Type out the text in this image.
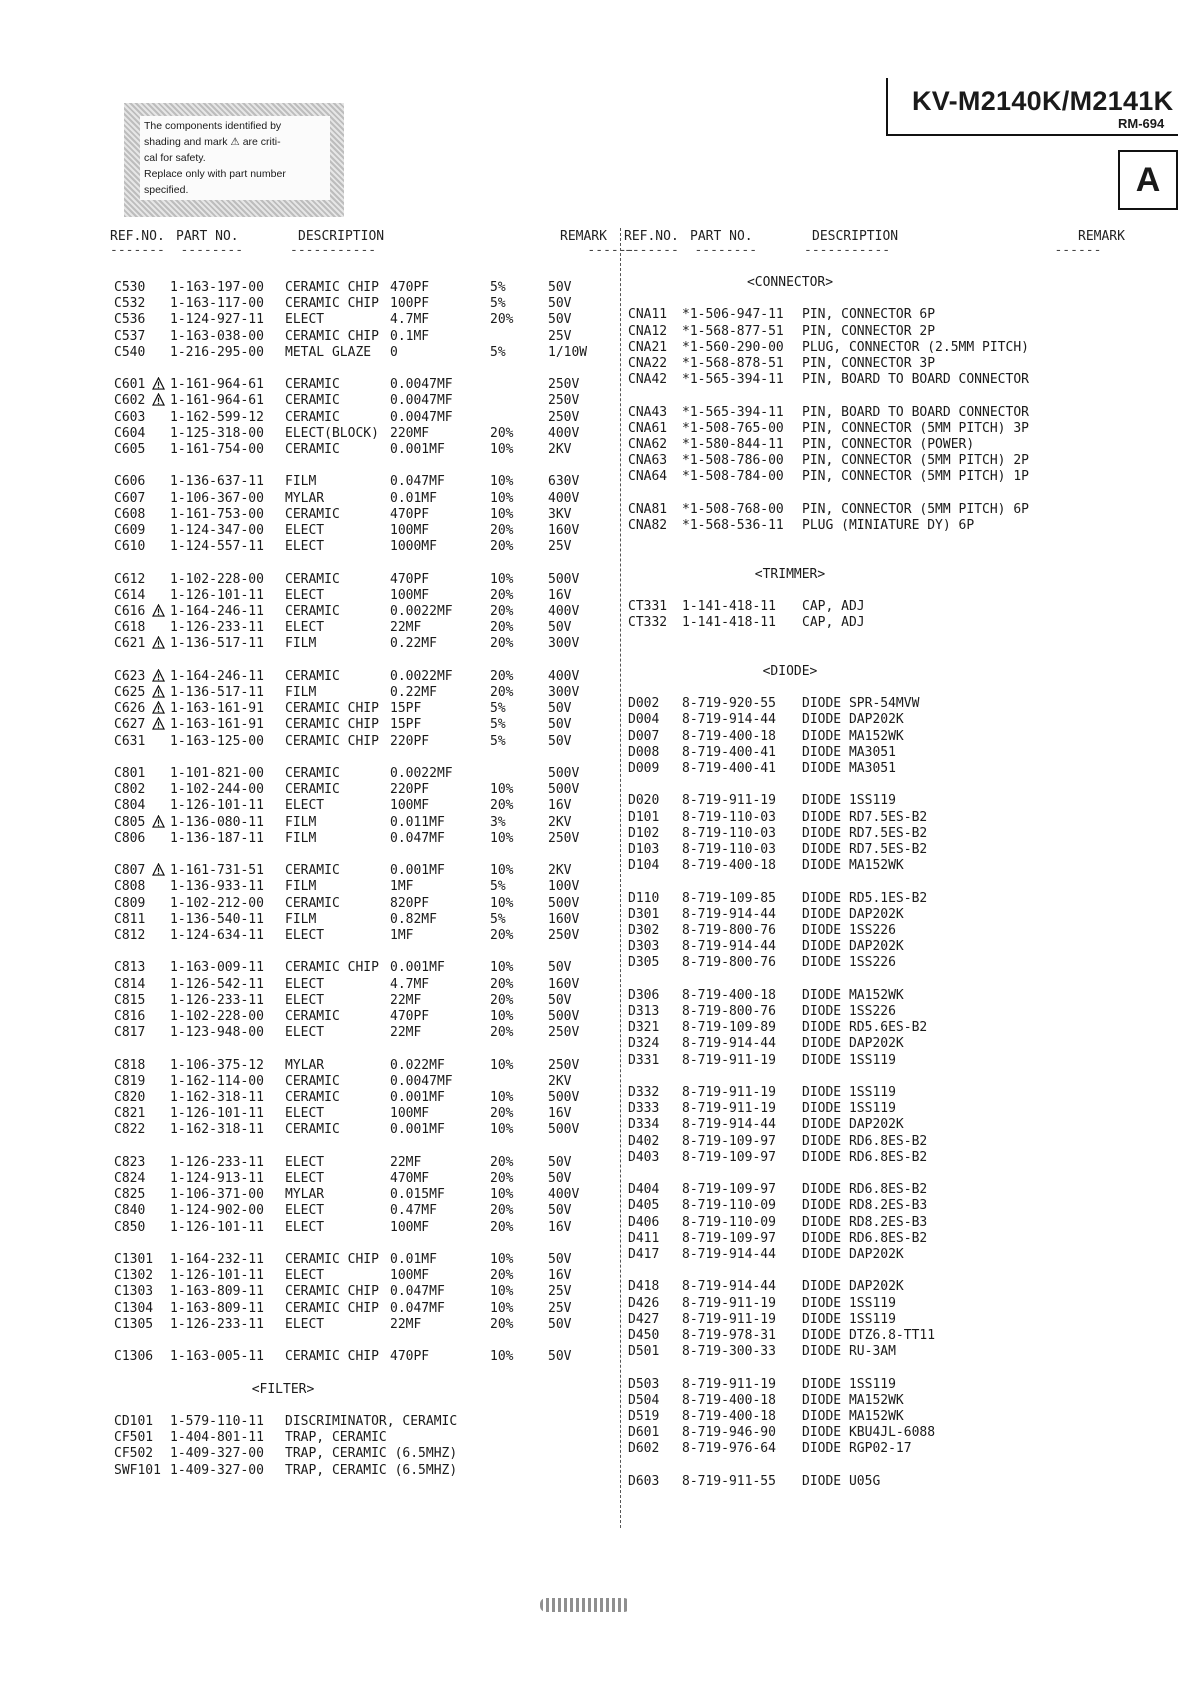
KV-M2140K/M2141K
RM-694
A
The components identified by
shading and mark ⚠ are criti-
cal for safety.
Replace only with part number
specified.
REF.NO. PART NO.	DESCRIPTION	REMARK
-------  --------      -----------                           ------
REF.NO. PART NO.	DESCRIPTION	REMARK
-------  --------      -----------                     ------
C530 1-163-197-00 CERAMIC CHIP 470PF	5%	50V
C532 1-163-117-00 CERAMIC CHIP 100PF	5%	50V
C536 1-124-927-11 ELECT	4.7MF	20%	50V
C537 1-163-038-00 CERAMIC CHIP 0.1MF	25V
C540 1-216-295-00 METAL GLAZE 0	5%	1/10W
C601 1-161-964-61 CERAMIC	0.0047MF	250V
C602 1-161-964-61 CERAMIC	0.0047MF	250V
C603 1-162-599-12 CERAMIC	0.0047MF	250V
C604 1-125-318-00 ELECT(BLOCK) 220MF	20%	400V
C605 1-161-754-00 CERAMIC	0.001MF	10%	2KV
C606 1-136-637-11 FILM	0.047MF	10%	630V
C607 1-106-367-00 MYLAR	0.01MF	10%	400V
C608 1-161-753-00 CERAMIC	470PF	10%	3KV
C609 1-124-347-00 ELECT	100MF	20%	160V
C610 1-124-557-11 ELECT	1000MF	20%	25V
C612 1-102-228-00 CERAMIC	470PF	10%	500V
C614 1-126-101-11 ELECT	100MF	20%	16V
C616 1-164-246-11 CERAMIC	0.0022MF	20%	400V
C618 1-126-233-11 ELECT	22MF	20%	50V
C621 1-136-517-11 FILM	0.22MF	20%	300V
C623 1-164-246-11 CERAMIC	0.0022MF	20%	400V
C625 1-136-517-11 FILM	0.22MF	20%	300V
C626 1-163-161-91 CERAMIC CHIP 15PF	5%	50V
C627 1-163-161-91 CERAMIC CHIP 15PF	5%	50V
C631 1-163-125-00 CERAMIC CHIP 220PF	5%	50V
C801 1-101-821-00 CERAMIC	0.0022MF	500V
C802 1-102-244-00 CERAMIC	220PF	10%	500V
C804 1-126-101-11 ELECT	100MF	20%	16V
C805 1-136-080-11 FILM	0.011MF	3%	2KV
C806 1-136-187-11 FILM	0.047MF	10%	250V
C807 1-161-731-51 CERAMIC	0.001MF	10%	2KV
C808 1-136-933-11 FILM	1MF	5%	100V
C809 1-102-212-00 CERAMIC	820PF	10%	500V
C811 1-136-540-11 FILM	0.82MF	5%	160V
C812 1-124-634-11 ELECT	1MF	20%	250V
C813 1-163-009-11 CERAMIC CHIP 0.001MF	10%	50V
C814 1-126-542-11 ELECT	4.7MF	20%	160V
C815 1-126-233-11 ELECT	22MF	20%	50V
C816 1-102-228-00 CERAMIC	470PF	10%	500V
C817 1-123-948-00 ELECT	22MF	20%	250V
C818 1-106-375-12 MYLAR	0.022MF	10%	250V
C819 1-162-114-00 CERAMIC	0.0047MF	2KV
C820 1-162-318-11 CERAMIC	0.001MF	10%	500V
C821 1-126-101-11 ELECT	100MF	20%	16V
C822 1-162-318-11 CERAMIC	0.001MF	10%	500V
C823 1-126-233-11 ELECT	22MF	20%	50V
C824 1-124-913-11 ELECT	470MF	20%	50V
C825 1-106-371-00 MYLAR	0.015MF	10%	400V
C840 1-124-902-00 ELECT	0.47MF	20%	50V
C850 1-126-101-11 ELECT	100MF	20%	16V
C1301 1-164-232-11 CERAMIC CHIP 0.01MF	10%	50V
C1302 1-126-101-11 ELECT	100MF	20%	16V
C1303 1-163-809-11 CERAMIC CHIP 0.047MF	10%	25V
C1304 1-163-809-11 CERAMIC CHIP 0.047MF	10%	25V
C1305 1-126-233-11 ELECT	22MF	20%	50V
C1306 1-163-005-11 CERAMIC CHIP 470PF	10%	50V
<FILTER>
CD101 1-579-110-11 DISCRIMINATOR, CERAMIC
CF501 1-404-801-11 TRAP, CERAMIC
CF502 1-409-327-00 TRAP, CERAMIC (6.5MHZ)
SWF101 1-409-327-00 TRAP, CERAMIC (6.5MHZ)
<CONNECTOR>
CNA11 *1-506-947-11 PIN, CONNECTOR 6P
CNA12 *1-568-877-51 PIN, CONNECTOR 2P
CNA21 *1-560-290-00 PLUG, CONNECTOR (2.5MM PITCH)
CNA22 *1-568-878-51 PIN, CONNECTOR 3P
CNA42 *1-565-394-11 PIN, BOARD TO BOARD CONNECTOR
CNA43 *1-565-394-11 PIN, BOARD TO BOARD CONNECTOR
CNA61 *1-508-765-00 PIN, CONNECTOR (5MM PITCH) 3P
CNA62 *1-580-844-11 PIN, CONNECTOR (POWER)
CNA63 *1-508-786-00 PIN, CONNECTOR (5MM PITCH) 2P
CNA64 *1-508-784-00 PIN, CONNECTOR (5MM PITCH) 1P
CNA81 *1-508-768-00 PIN, CONNECTOR (5MM PITCH) 6P
CNA82 *1-568-536-11 PLUG (MINIATURE DY) 6P
<TRIMMER>
CT331 1-141-418-11 CAP, ADJ
CT332 1-141-418-11 CAP, ADJ
<DIODE>
D002 8-719-920-55 DIODE SPR-54MVW
D004 8-719-914-44 DIODE DAP202K
D007 8-719-400-18 DIODE MA152WK
D008 8-719-400-41 DIODE MA3051
D009 8-719-400-41 DIODE MA3051
D020 8-719-911-19 DIODE 1SS119
D101 8-719-110-03 DIODE RD7.5ES-B2
D102 8-719-110-03 DIODE RD7.5ES-B2
D103 8-719-110-03 DIODE RD7.5ES-B2
D104 8-719-400-18 DIODE MA152WK
D110 8-719-109-85 DIODE RD5.1ES-B2
D301 8-719-914-44 DIODE DAP202K
D302 8-719-800-76 DIODE 1SS226
D303 8-719-914-44 DIODE DAP202K
D305 8-719-800-76 DIODE 1SS226
D306 8-719-400-18 DIODE MA152WK
D313 8-719-800-76 DIODE 1SS226
D321 8-719-109-89 DIODE RD5.6ES-B2
D324 8-719-914-44 DIODE DAP202K
D331 8-719-911-19 DIODE 1SS119
D332 8-719-911-19 DIODE 1SS119
D333 8-719-911-19 DIODE 1SS119
D334 8-719-914-44 DIODE DAP202K
D402 8-719-109-97 DIODE RD6.8ES-B2
D403 8-719-109-97 DIODE RD6.8ES-B2
D404 8-719-109-97 DIODE RD6.8ES-B2
D405 8-719-110-09 DIODE RD8.2ES-B3
D406 8-719-110-09 DIODE RD8.2ES-B3
D411 8-719-109-97 DIODE RD6.8ES-B2
D417 8-719-914-44 DIODE DAP202K
D418 8-719-914-44 DIODE DAP202K
D426 8-719-911-19 DIODE 1SS119
D427 8-719-911-19 DIODE 1SS119
D450 8-719-978-31 DIODE DTZ6.8-TT11
D501 8-719-300-33 DIODE RU-3AM
D503 8-719-911-19 DIODE 1SS119
D504 8-719-400-18 DIODE MA152WK
D519 8-719-400-18 DIODE MA152WK
D601 8-719-946-90 DIODE KBU4JL-6088
D602 8-719-976-64 DIODE RGP02-17
D603 8-719-911-55 DIODE U05G
